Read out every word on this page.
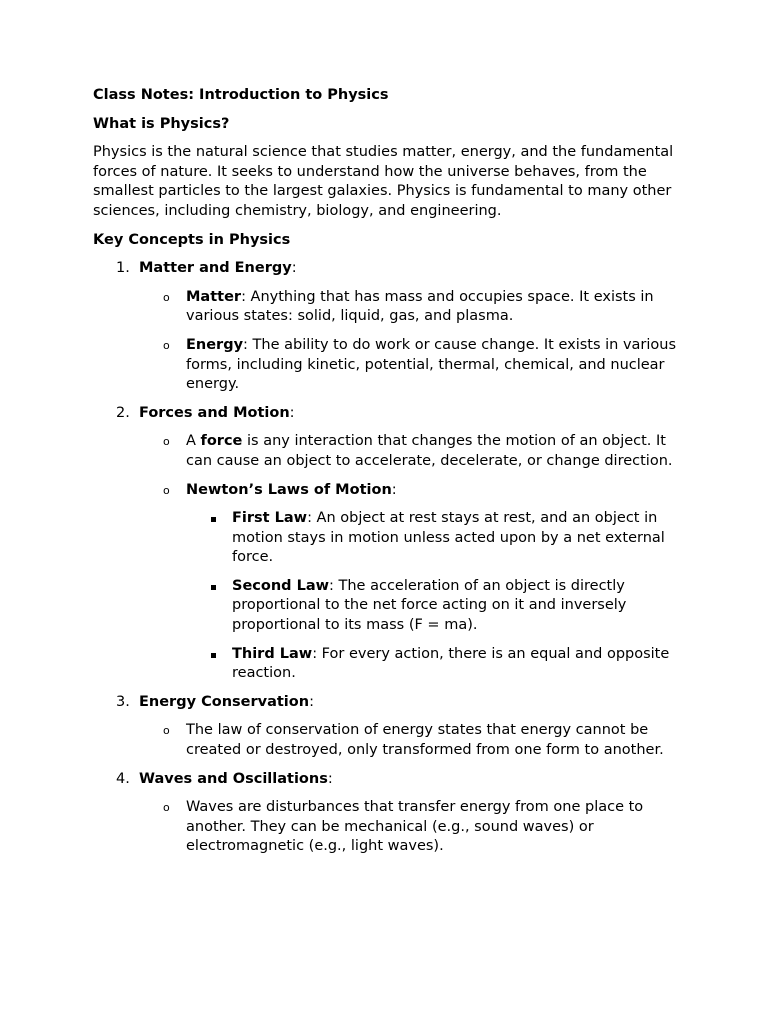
Class Notes: Introduction to Physics
What is Physics?
Physics is the natural science that studies matter, energy, and the fundamental forces of nature. It seeks to understand how the universe behaves, from the smallest particles to the largest galaxies. Physics is fundamental to many other sciences, including chemistry, biology, and engineering.
Key Concepts in Physics
1. Matter and Energy:
o Matter: Anything that has mass and occupies space. It exists in various states: solid, liquid, gas, and plasma.
o Energy: The ability to do work or cause change. It exists in various forms, including kinetic, potential, thermal, chemical, and nuclear energy.
2. Forces and Motion:
o A force is any interaction that changes the motion of an object. It can cause an object to accelerate, decelerate, or change direction.
o Newton’s Laws of Motion:
First Law: An object at rest stays at rest, and an object in motion stays in motion unless acted upon by a net external force.
Second Law: The acceleration of an object is directly proportional to the net force acting on it and inversely proportional to its mass (F = ma).
Third Law: For every action, there is an equal and opposite reaction.
3. Energy Conservation:
o The law of conservation of energy states that energy cannot be created or destroyed, only transformed from one form to another.
4. Waves and Oscillations:
o Waves are disturbances that transfer energy from one place to another. They can be mechanical (e.g., sound waves) or electromagnetic (e.g., light waves).
